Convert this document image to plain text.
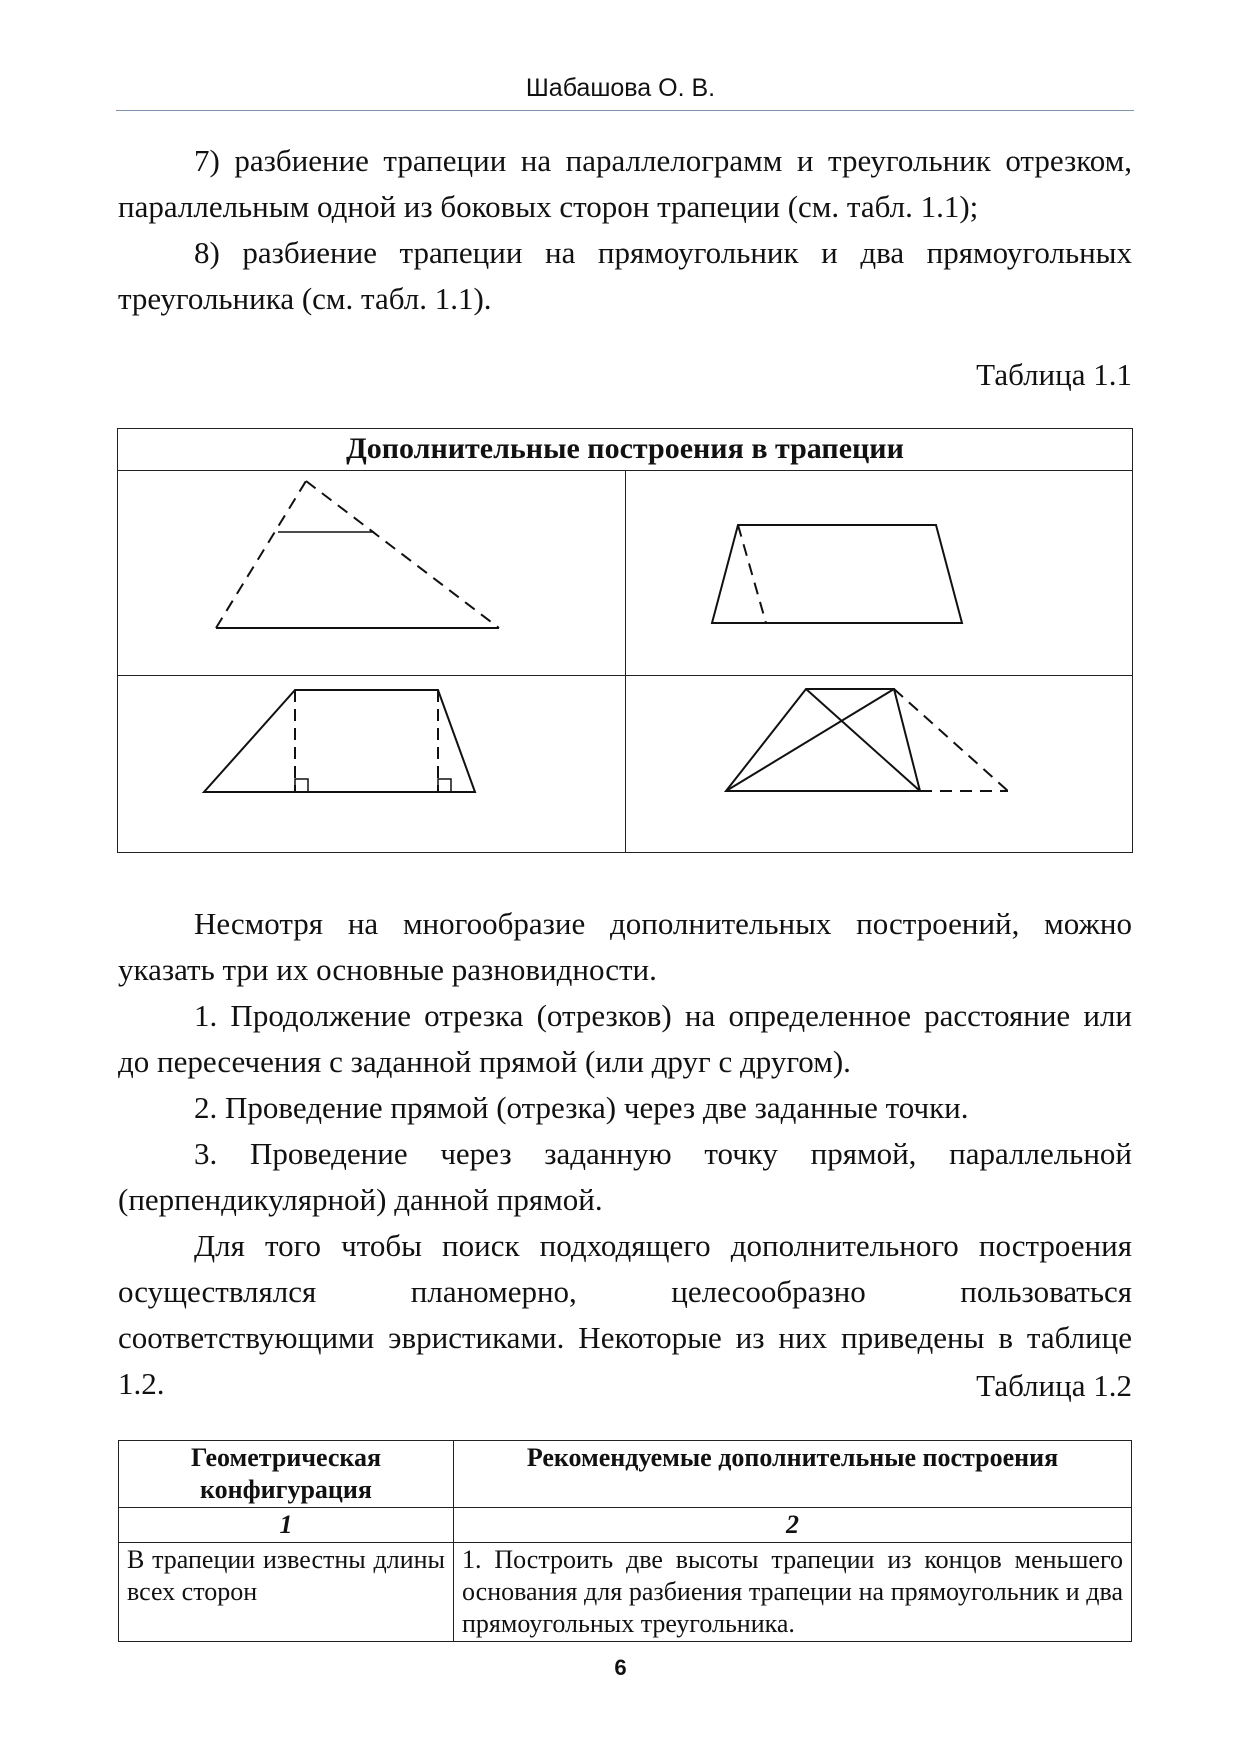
Шабашова О. В.

7) разбиение трапеции на параллелограмм и треугольник отрезком, параллельным одной из боковых сторон трапеции (см. табл. 1.1);

8) разбиение трапеции на прямоугольник и два прямоугольных треугольника (см. табл. 1.1).

Таблица 1.1
Дополнительные построения в трапеции

Несмотря на многообразие дополнительных построений, можно указать три их основные разновидности.

1. Продолжение отрезка (отрезков) на определенное расстояние или до пересечения с заданной прямой (или друг с другом).

2. Проведение прямой (отрезка) через две заданные точки.

3. Проведение через заданную точку прямой, параллельной (перпендикулярной) данной прямой.

Для того чтобы поиск подходящего дополнительного построения осуществлялся планомерно, целесообразно пользоваться соответствующими эвристиками. Некоторые из них приведены в таблице 1.2.	Таблица 1.2
Геометрическая конфигурация	Рекомендуемые дополнительные построения
1	2
В трапеции известны длины всех сторон	1. Построить две высоты трапеции из концов меньшего основания для разбиения трапеции на прямоугольник и два прямоугольных треугольника.
6
